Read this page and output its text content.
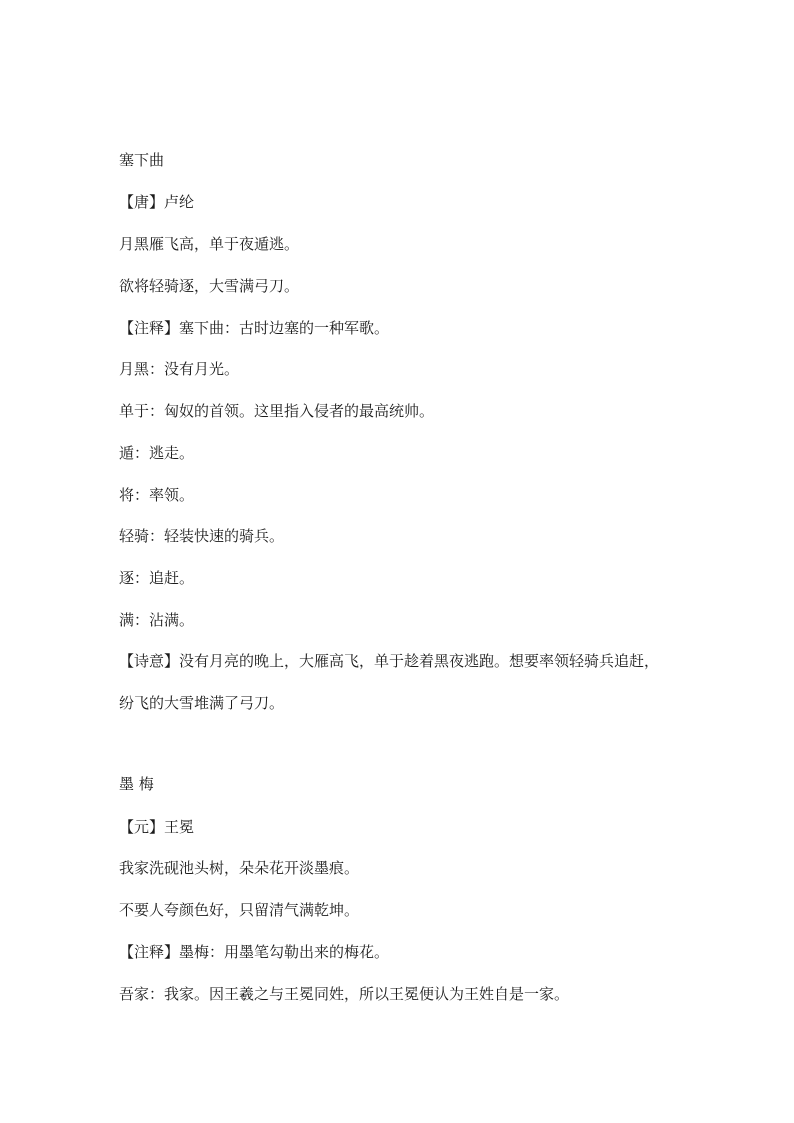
塞下曲
【唐】卢纶
月黑雁飞高，单于夜遁逃。
欲将轻骑逐，大雪满弓刀。
【注释】塞下曲：古时边塞的一种军歌。
月黑：没有月光。
单于：匈奴的首领。这里指入侵者的最高统帅。
遁：逃走。
将：率领。
轻骑：轻装快速的骑兵。
逐：追赶。
满：沾满。
【诗意】没有月亮的晚上，大雁高飞，单于趁着黑夜逃跑。想要率领轻骑兵追赶，
纷飞的大雪堆满了弓刀。
墨 梅
【元】王冕
我家洗砚池头树，朵朵花开淡墨痕。
不要人夸颜色好，只留清气满乾坤。
【注释】墨梅：用墨笔勾勒出来的梅花。
吾家：我家。因王羲之与王冕同姓，所以王冕便认为王姓自是一家。
